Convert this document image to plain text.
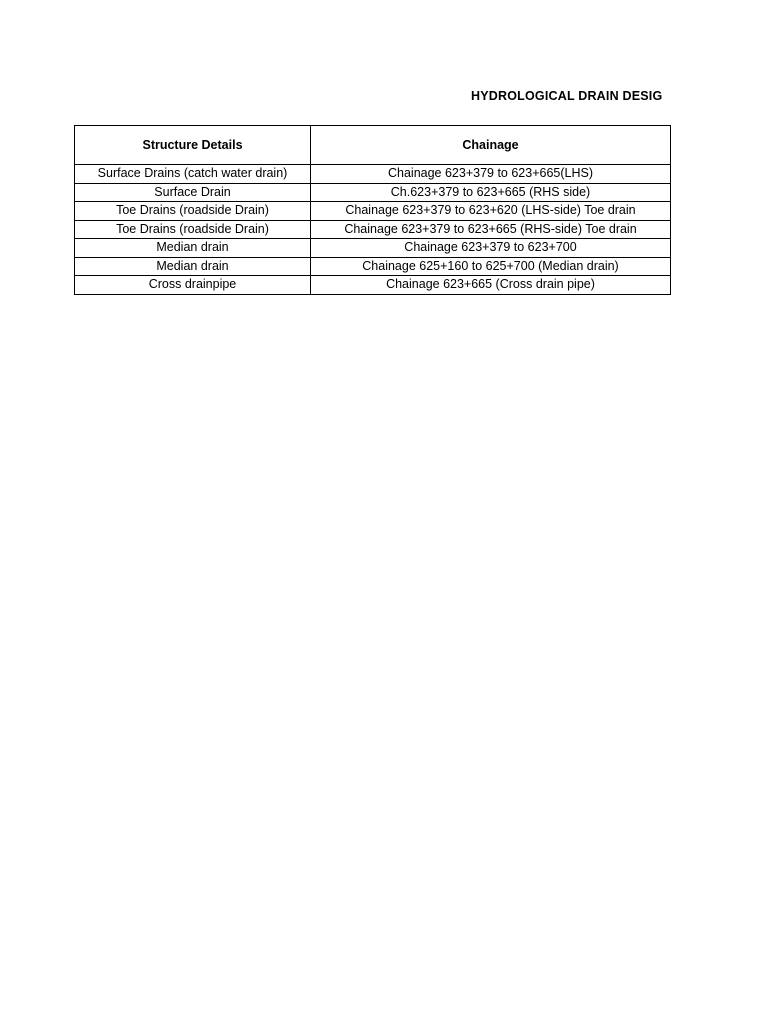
HYDROLOGICAL DRAIN DESIG
Structure Details	Chainage
Surface Drains (catch water drain)	Chainage 623+379 to 623+665(LHS)
Surface Drain	Ch.623+379 to 623+665 (RHS side)
Toe Drains (roadside Drain)	Chainage 623+379 to 623+620 (LHS-side) Toe drain
Toe Drains (roadside Drain)	Chainage 623+379 to 623+665 (RHS-side) Toe drain
Median drain	Chainage 623+379 to 623+700
Median drain	Chainage 625+160 to 625+700 (Median drain)
Cross drainpipe	Chainage 623+665 (Cross drain pipe)
